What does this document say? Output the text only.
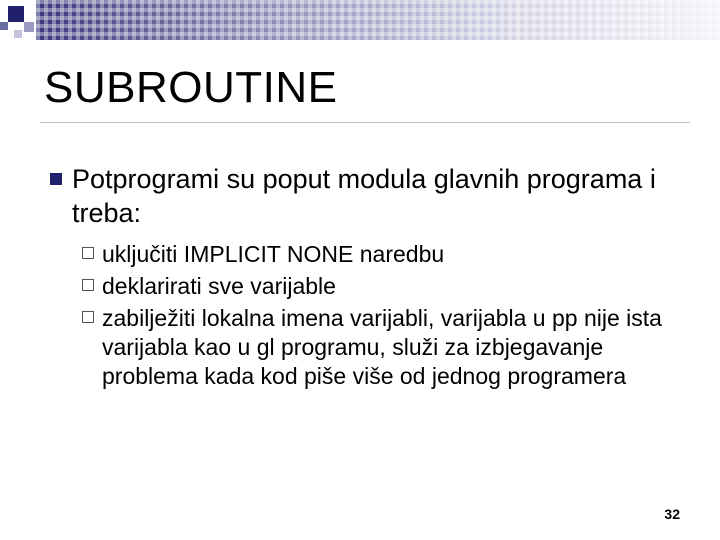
SUBROUTINE
Potprogrami su poput modula glavnih programa i treba:
uključiti IMPLICIT NONE naredbu
deklarirati sve varijable
zabilježiti lokalna imena varijabli, varijabla u pp nije ista varijabla kao u gl programu, služi za izbjegavanje problema kada kod piše više od jednog programera
32
